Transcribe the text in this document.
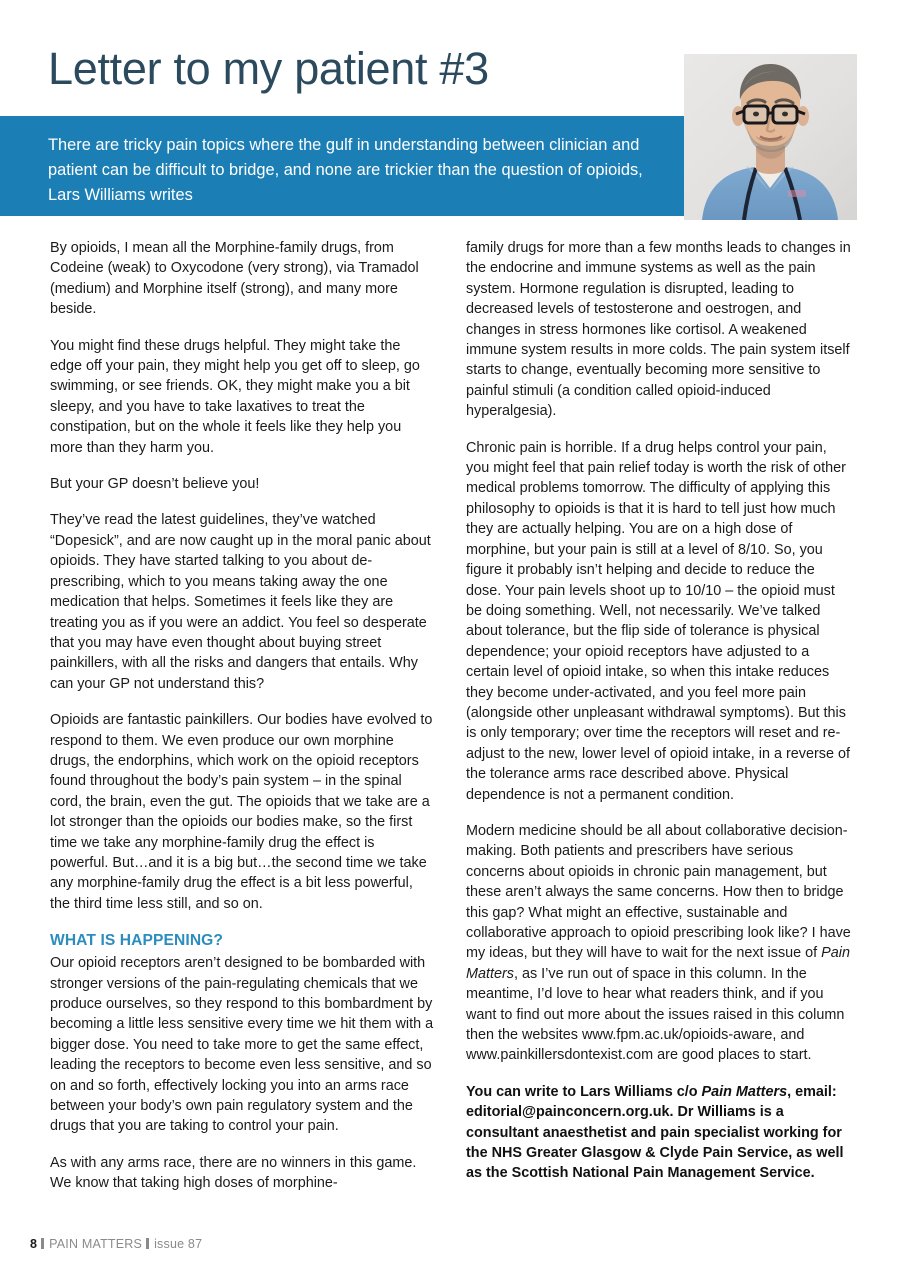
Letter to my patient #3
There are tricky pain topics where the gulf in understanding between clinician and patient can be difficult to bridge, and none are trickier than the question of opioids, Lars Williams writes

By opioids, I mean all the Morphine-family drugs, from Codeine (weak) to Oxycodone (very strong), via Tramadol (medium) and Morphine itself (strong), and many more beside.

You might find these drugs helpful. They might take the edge off your pain, they might help you get off to sleep, go swimming, or see friends. OK, they might make you a bit sleepy, and you have to take laxatives to treat the constipation, but on the whole it feels like they help you more than they harm you.

But your GP doesn’t believe you!

They’ve read the latest guidelines, they’ve watched “Dopesick”, and are now caught up in the moral panic about opioids. They have started talking to you about de-prescribing, which to you means taking away the one medication that helps. Sometimes it feels like they are treating you as if you were an addict. You feel so desperate that you may have even thought about buying street painkillers, with all the risks and dangers that entails. Why can your GP not understand this?

Opioids are fantastic painkillers. Our bodies have evolved to respond to them. We even produce our own morphine drugs, the endorphins, which work on the opioid receptors found throughout the body’s pain system – in the spinal cord, the brain, even the gut. The opioids that we take are a lot stronger than the opioids our bodies make, so the first time we take any morphine-family drug the effect is powerful. But…and it is a big but…the second time we take any morphine-family drug the effect is a bit less powerful, the third time less still, and so on.

WHAT IS HAPPENING?

Our opioid receptors aren’t designed to be bombarded with stronger versions of the pain-regulating chemicals that we produce ourselves, so they respond to this bombardment by becoming a little less sensitive every time we hit them with a bigger dose. You need to take more to get the same effect, leading the receptors to become even less sensitive, and so on and so forth, effectively locking you into an arms race between your body’s own pain regulatory system and the drugs that you are taking to control your pain.

As with any arms race, there are no winners in this game. We know that taking high doses of morphine-

family drugs for more than a few months leads to changes in the endocrine and immune systems as well as the pain system. Hormone regulation is disrupted, leading to decreased levels of testosterone and oestrogen, and changes in stress hormones like cortisol. A weakened immune system results in more colds. The pain system itself starts to change, eventually becoming more sensitive to painful stimuli (a condition called opioid-induced hyperalgesia).

Chronic pain is horrible. If a drug helps control your pain, you might feel that pain relief today is worth the risk of other medical problems tomorrow. The difficulty of applying this philosophy to opioids is that it is hard to tell just how much they are actually helping. You are on a high dose of morphine, but your pain is still at a level of 8/10. So, you figure it probably isn’t helping and decide to reduce the dose. Your pain levels shoot up to 10/10 – the opioid must be doing something. Well, not necessarily. We’ve talked about tolerance, but the flip side of tolerance is physical dependence; your opioid receptors have adjusted to a certain level of opioid intake, so when this intake reduces they become under-activated, and you feel more pain (alongside other unpleasant withdrawal symptoms). But this is only temporary; over time the receptors will reset and re-adjust to the new, lower level of opioid intake, in a reverse of the tolerance arms race described above. Physical dependence is not a permanent condition.

Modern medicine should be all about collaborative decision-making. Both patients and prescribers have serious concerns about opioids in chronic pain management, but these aren’t always the same concerns. How then to bridge this gap? What might an effective, sustainable and collaborative approach to opioid prescribing look like? I have my ideas, but they will have to wait for the next issue of Pain Matters, as I’ve run out of space in this column. In the meantime, I’d love to hear what readers think, and if you want to find out more about the issues raised in this column then the websites www.fpm.ac.uk/opioids-aware, and www.painkillersdontexist.com are good places to start.

You can write to Lars Williams c/o Pain Matters, email: editorial@painconcern.org.uk. Dr Williams is a consultant anaesthetist and pain specialist working for the NHS Greater Glasgow & Clyde Pain Service, as well as the Scottish National Pain Management Service.

8 PAIN MATTERS issue 87
